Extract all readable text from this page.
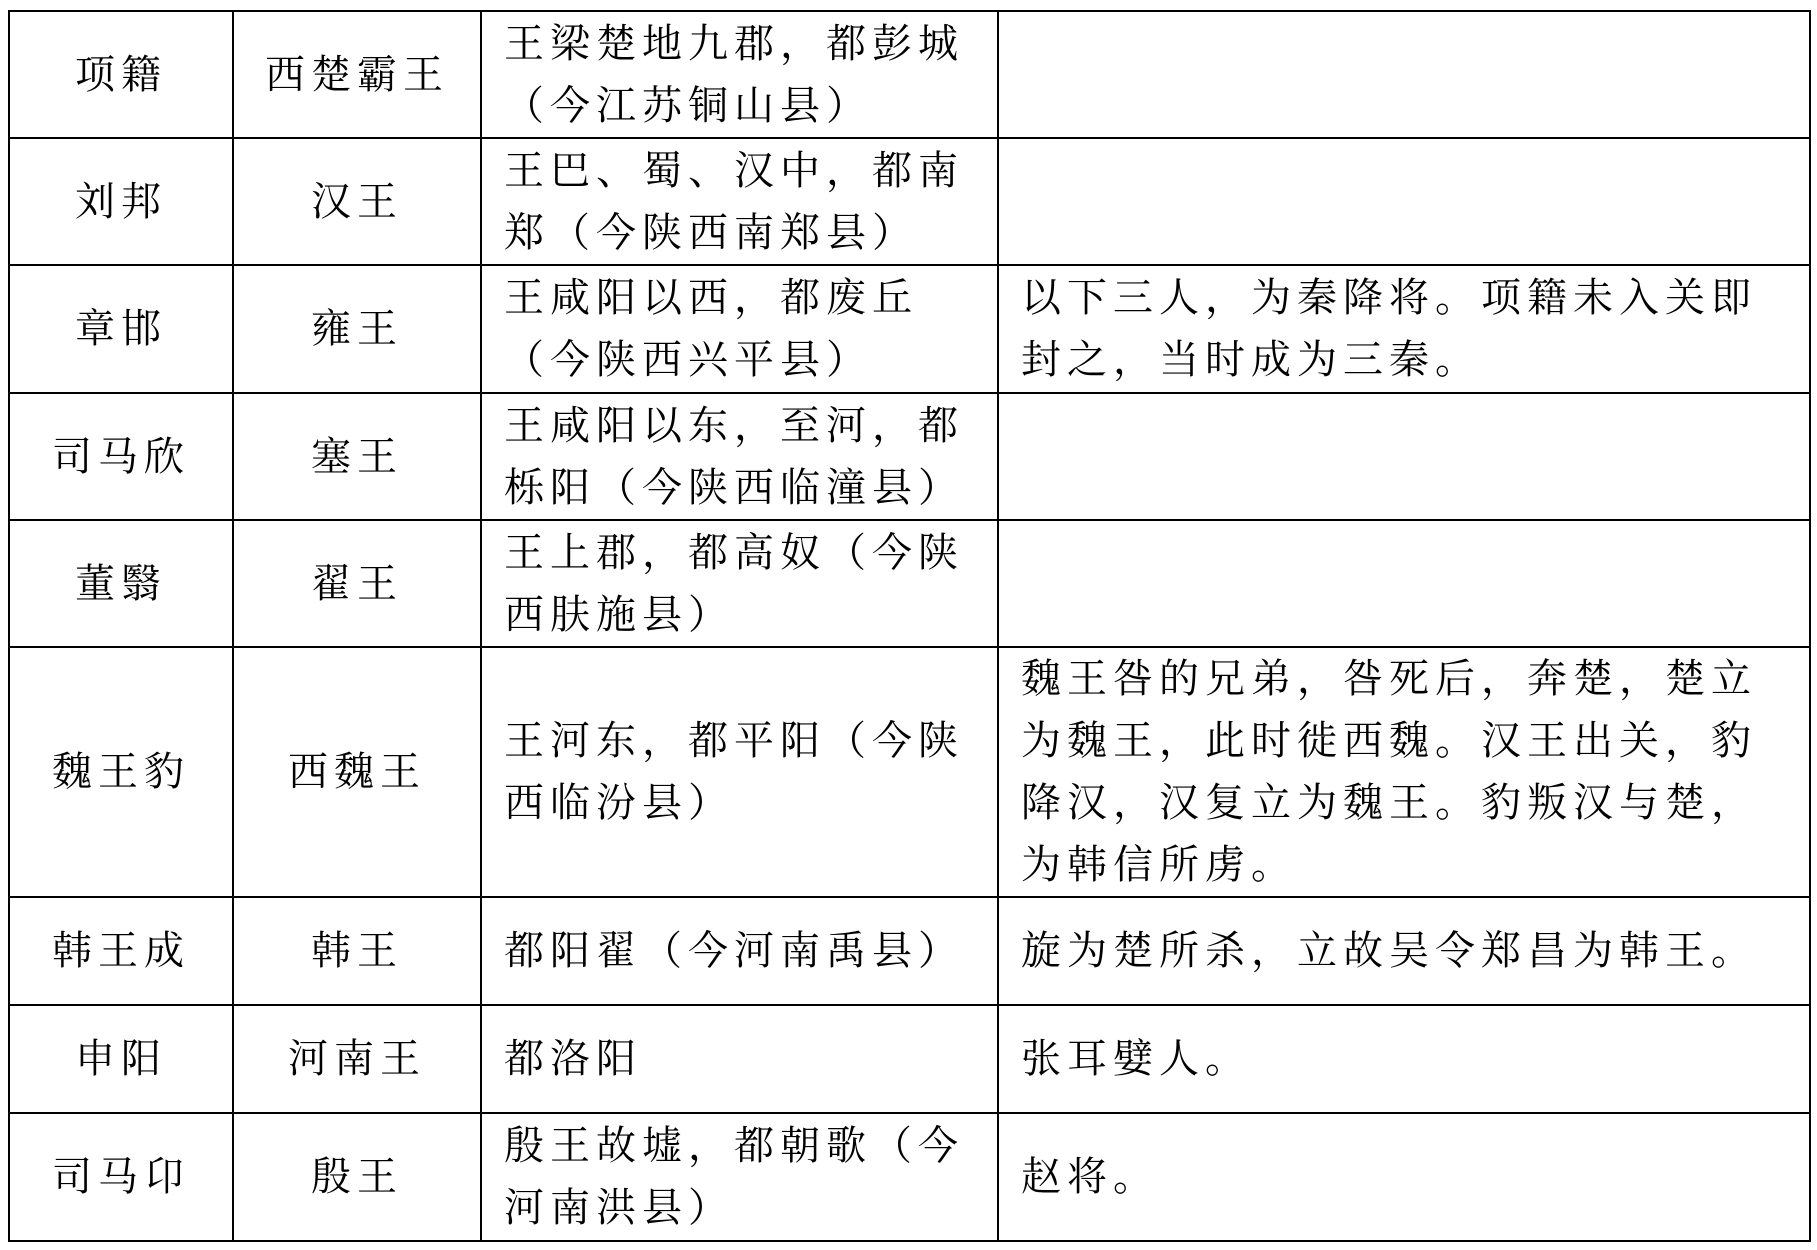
项籍	西楚霸王	王梁楚地九郡，都彭城（今江苏铜山县）	
刘邦	汉王	王巴、蜀、汉中，都南郑（今陕西南郑县）	
章邯	雍王	王咸阳以西，都废丘（今陕西兴平县）	以下三人，为秦降将。项籍未入关即封之，当时成为三秦。
司马欣	塞王	王咸阳以东，至河，都栎阳（今陕西临潼县）	
董翳	翟王	王上郡，都高奴（今陕西肤施县）	
魏王豹	西魏王	王河东，都平阳（今陕西临汾县）	魏王咎的兄弟，咎死后，奔楚，楚立为魏王，此时徙西魏。汉王出关，豹降汉，汉复立为魏王。豹叛汉与楚，为韩信所虏。
韩王成	韩王	都阳翟（今河南禹县）	旋为楚所杀，立故吴令郑昌为韩王。
申阳	河南王	都洛阳	张耳嬖人。
司马卬	殷王	殷王故墟，都朝歌（今河南洪县）	赵将。
